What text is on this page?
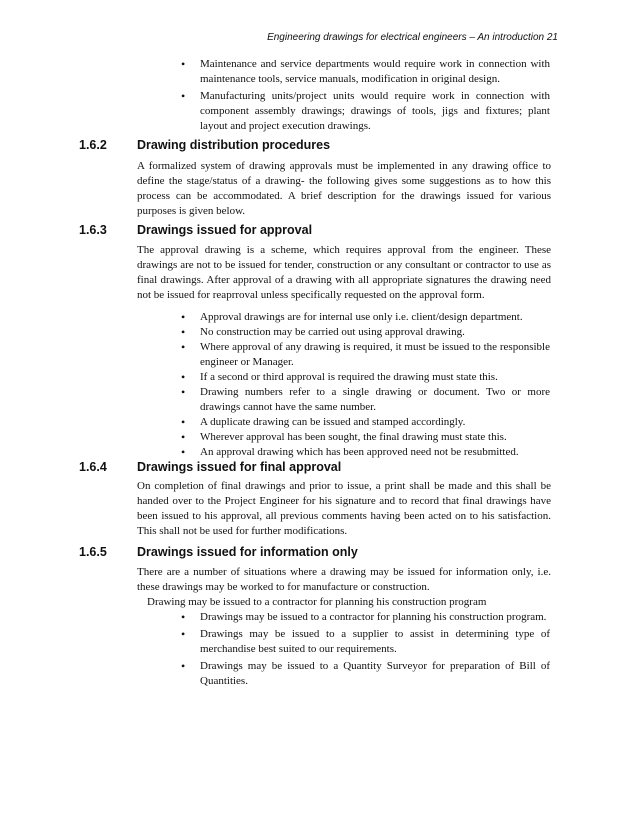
Engineering drawings for electrical engineers – An introduction 21
• Maintenance and service departments would require work in connection with maintenance tools, service manuals, modification in original design.
• Manufacturing units/project units would require work in connection with component assembly drawings; drawings of tools, jigs and fixtures; plant layout and project execution drawings.
1.6.2 Drawing distribution procedures
A formalized system of drawing approvals must be implemented in any drawing office to define the stage/status of a drawing- the following gives some suggestions as to how this process can be accommodated. A brief description for the drawings issued for various purposes is given below.
1.6.3 Drawings issued for approval
The approval drawing is a scheme, which requires approval from the engineer. These drawings are not to be issued for tender, construction or any consultant or contractor to use as final drawings. After approval of a drawing with all appropriate signatures the drawing need not be issued for reaprroval unless specifically requested on the approval form.
• Approval drawings are for internal use only i.e. client/design department.
• No construction may be carried out using approval drawing.
• Where approval of any drawing is required, it must be issued to the responsible engineer or Manager.
• If a second or third approval is required the drawing must state this.
• Drawing numbers refer to a single drawing or document. Two or more drawings cannot have the same number.
• A duplicate drawing can be issued and stamped accordingly.
• Wherever approval has been sought, the final drawing must state this.
• An approval drawing which has been approved need not be resubmitted.
1.6.4 Drawings issued for final approval
On completion of final drawings and prior to issue, a print shall be made and this shall be handed over to the Project Engineer for his signature and to record that final drawings have been issued to his approval, all previous comments having been acted on to his satisfaction. This shall not be used for further modifications.
1.6.5 Drawings issued for information only
There are a number of situations where a drawing may be issued for information only, i.e. these drawings may be worked to for manufacture or construction.
Drawing may be issued to a contractor for planning his construction program
• Drawings may be issued to a contractor for planning his construction program.
• Drawings may be issued to a supplier to assist in determining type of merchandise best suited to our requirements.
• Drawings may be issued to a Quantity Surveyor for preparation of Bill of Quantities.
